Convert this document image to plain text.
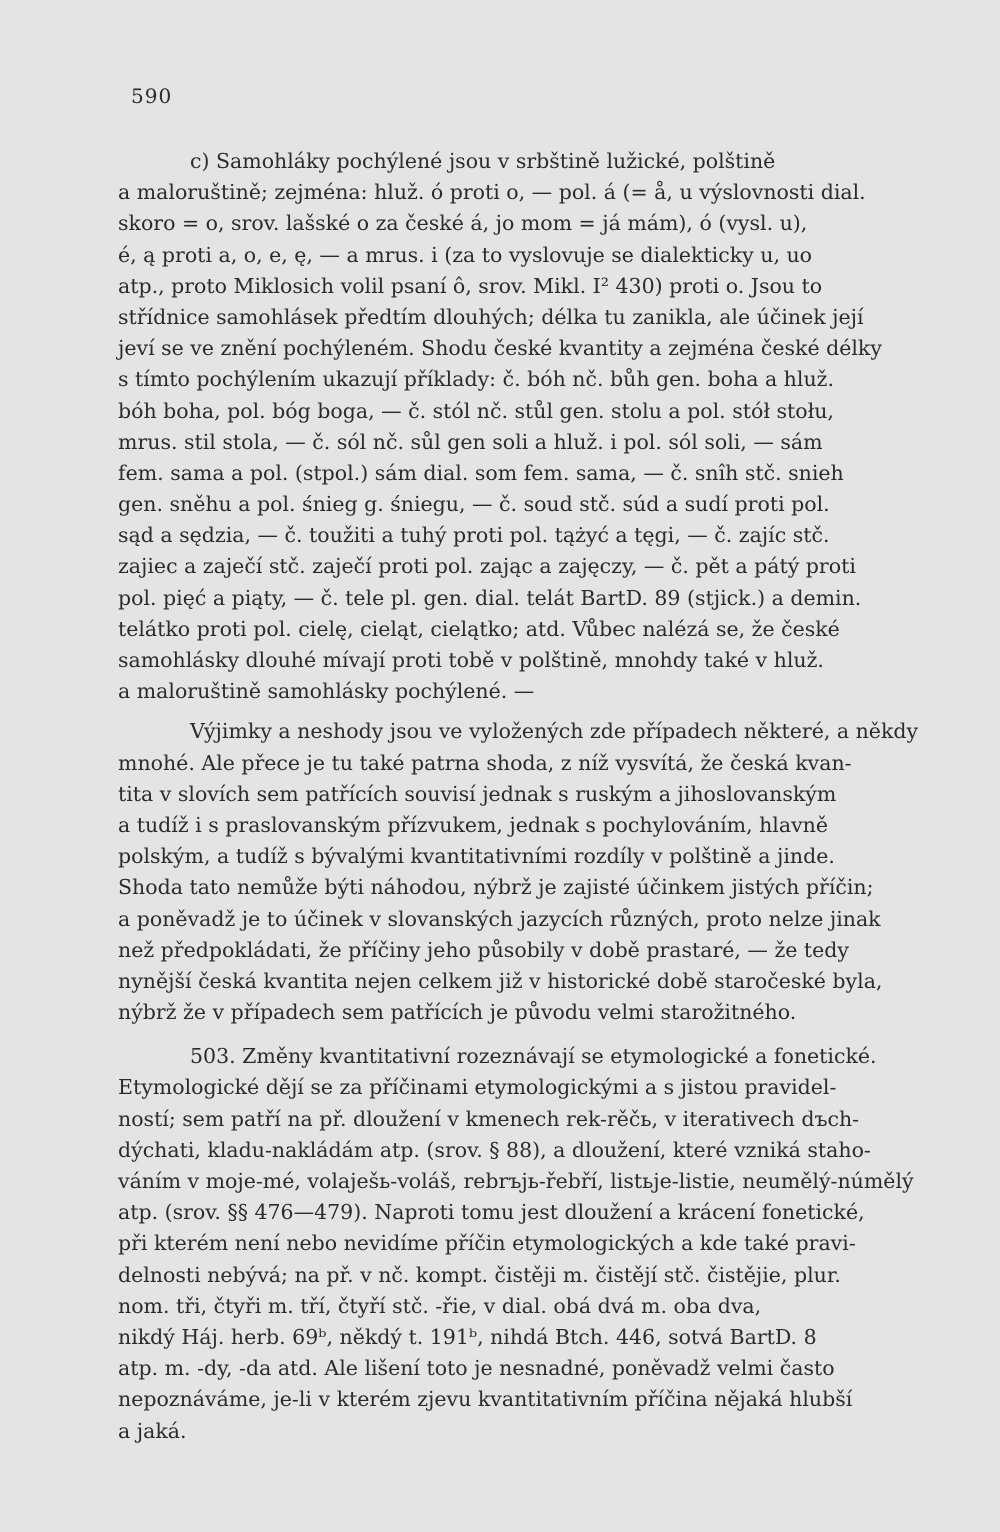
590
c) Samohláky pochýlené jsou v srbštině lužické, polštině
a maloruštině; zejména: hluž. ó proti o, — pol. á (= å, u výslovnosti dial.
skoro = o, srov. lašské o za české á, jo mom = já mám), ó (vysl. u),
é, ą proti a, o, e, ę, — a mrus. i (za to vyslovuje se dialekticky u, uo
atp., proto Miklosich volil psaní ô, srov. Mikl. I² 430) proti o. Jsou to
střídnice samohlásek předtím dlouhých; délka tu zanikla, ale účinek její
jeví se ve znění pochýleném. Shodu české kvantity a zejména české délky
s tímto pochýlením ukazují příklady: č. bóh nč. bůh gen. boha a hluž.
bóh boha, pol. bóg boga, — č. stól nč. stůl gen. stolu a pol. stół stołu,
mrus. stil stola, — č. sól nč. sůl gen soli a hluž. i pol. sól soli, — sám
fem. sama a pol. (stpol.) sám dial. som fem. sama, — č. snîh stč. snieh
gen. sněhu a pol. śnieg g. śniegu, — č. soud stč. súd a sudí proti pol.
sąd a sędzia, — č. toužiti a tuhý proti pol. tążyć a tęgi, — č. zajíc stč.
zajiec a zaječí stč. zaječí proti pol. zając a zajęczy, — č. pět a pátý proti
pol. pięć a piąty, — č. tele pl. gen. dial. telát BartD. 89 (stjick.) a demin.
telátko proti pol. cielę, cieląt, cielątko; atd. Vůbec nalézá se, že české
samohlásky dlouhé mívají proti tobě v polštině, mnohdy také v hluž.
a maloruštině samohlásky pochýlené. —
Výjimky a neshody jsou ve vyložených zde případech některé, a někdy
mnohé. Ale přece je tu také patrna shoda, z níž vysvítá, že česká kvan-
tita v slovích sem patřících souvisí jednak s ruským a jihoslovanským
a tudíž i s praslovanským přízvukem, jednak s pochylováním, hlavně
polským, a tudíž s bývalými kvantitativními rozdíly v polštině a jinde.
Shoda tato nemůže býti náhodou, nýbrž je zajisté účinkem jistých příčin;
a poněvadž je to účinek v slovanských jazycích různých, proto nelze jinak
než předpokládati, že příčiny jeho působily v době prastaré, — že tedy
nynější česká kvantita nejen celkem již v historické době staročeské byla,
nýbrž že v případech sem patřících je původu velmi starožitného.
503. Změny kvantitativní rozeznávají se etymologické a fonetické.
Etymologické dějí se za příčinami etymologickými a s jistou pravidel-
ností; sem patří na př. dloužení v kmenech rek-rěčь, v iterativech dъch-
dýchati, kladu-nakládám atp. (srov. § 88), a dloužení, které vzniká staho-
váním v moje-mé, volaješь-voláš, rebrъjь-řebří, listьje-listie, neumělý-númělý
atp. (srov. §§ 476—479). Naproti tomu jest dloužení a krácení fonetické,
při kterém není nebo nevidíme příčin etymologických a kde také pravi-
delnosti nebývá; na př. v nč. kompt. čistěji m. čistějí stč. čistějie, plur.
nom. tři, čtyři m. tří, čtyří stč. -řie, v dial. obá dvá m. oba dva,
nikdý Háj. herb. 69ᵇ, někdý t. 191ᵇ, nihdá Btch. 446, sotvá BartD. 8
atp. m. -dy, -da atd. Ale lišení toto je nesnadné, poněvadž velmi často
nepoznáváme, je-li v kterém zjevu kvantitativním příčina nějaká hlubší
a jaká.
